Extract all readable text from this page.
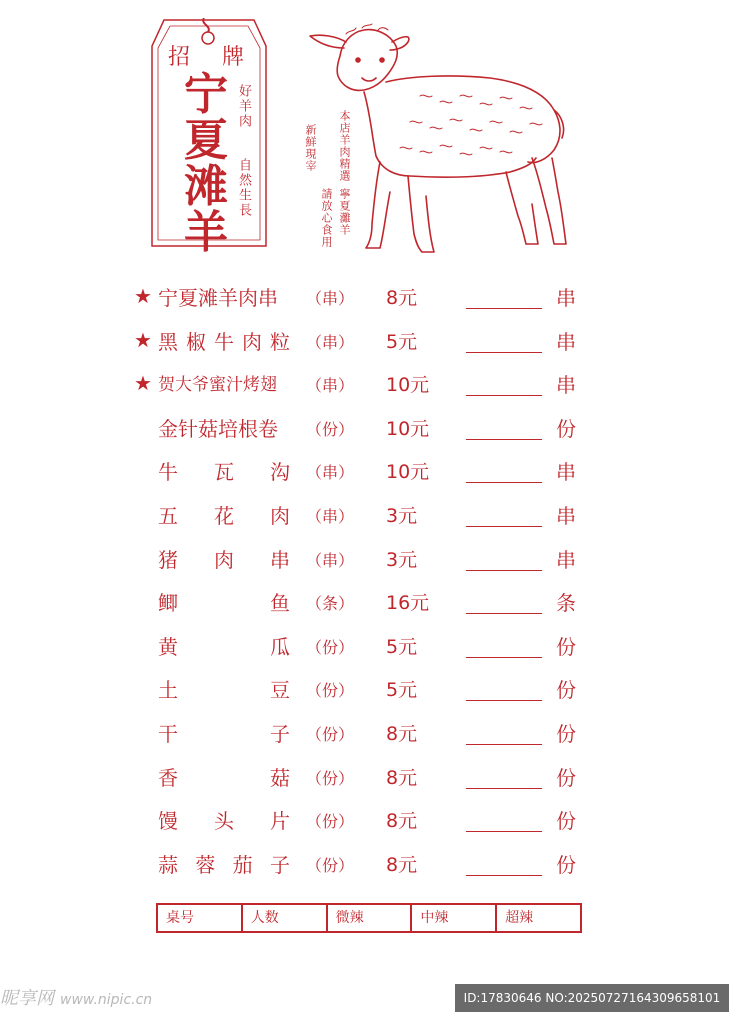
招 牌
宁
夏
滩
羊
好羊肉
自然生長
新鮮現宰
請放心食用
本店羊肉精選
寧夏灘羊
★ 宁 夏 滩 羊 肉 串 （串） 8元	串
★ 黑 椒 牛 肉 粒 （串） 5元	串
★ 贺 大 爷 蜜 汁 烤 翅 （串） 10元	串
金 针 菇 培 根 卷 （份） 10元	份
牛 瓦 沟 （串） 10元	串
五 花 肉 （串） 3元	串
猪 肉 串 （串） 3元	串
鲫	鱼 （条） 16元	条
黄	瓜 （份） 5元	份
土	豆 （份） 5元	份
干	子 （份） 8元	份
香	菇 （份） 8元	份
馒 头 片 （份） 8元	份
蒜 蓉 茄 子 （份） 8元	份
桌号	人数	微辣	中辣	超辣
昵享网 www.nipic.cn	ID:17830646 NO:20250727164309658101
